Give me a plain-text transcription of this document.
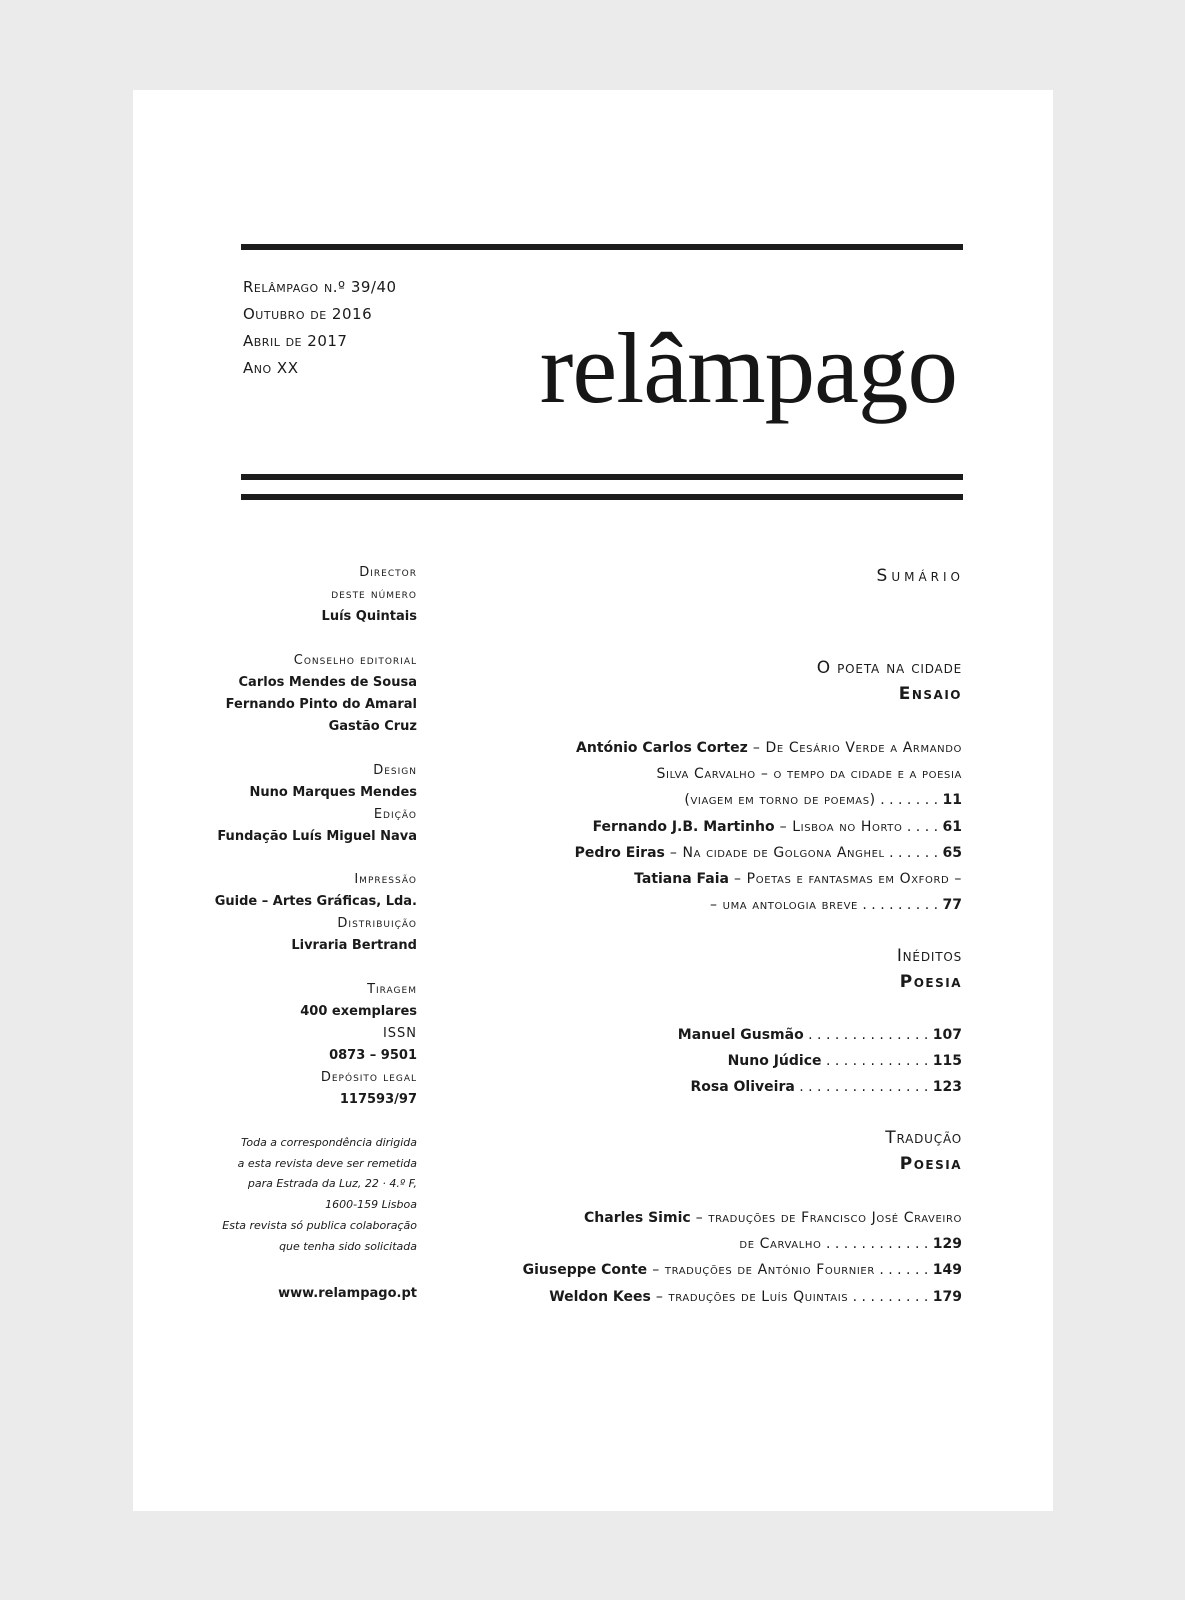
Relâmpago n.º 39/40
Outubro de 2016
Abril de 2017
Ano XX	relâmpago
Director
deste número
Luís Quintais
Conselho editorial
Carlos Mendes de Sousa
Fernando Pinto do Amaral
Gastão Cruz
Design
Nuno Marques Mendes
Edição
Fundação Luís Miguel Nava
Impressão
Guide – Artes Gráficas, Lda.
Distribuição
Livraria Bertrand
Tiragem
400 exemplares
ISSN
0873 – 9501
Depósito legal
117593/97
Toda a correspondência dirigida
a esta revista deve ser remetida
para Estrada da Luz, 22 · 4.º F,
1600-159 Lisboa
Esta revista só publica colaboração
que tenha sido solicitada
www.relampago.pt
Sumário
O poeta na cidade
Ensaio
António Carlos Cortez – De Cesário Verde a Armando
Silva Carvalho – o tempo da cidade e a poesia
(viagem em torno de poemas) . . . . . . . 11
Fernando J.B. Martinho – Lisboa no Horto . . . . 61
Pedro Eiras – Na cidade de Golgona Anghel . . . . . . 65
Tatiana Faia – Poetas e fantasmas em Oxford –
– uma antologia breve . . . . . . . . . 77
Inéditos
Poesia
Manuel Gusmão . . . . . . . . . . . . . . 107
Nuno Júdice . . . . . . . . . . . . 115
Rosa Oliveira . . . . . . . . . . . . . . . 123
Tradução
Poesia
Charles Simic – traduções de Francisco José Craveiro
de Carvalho . . . . . . . . . . . . 129
Giuseppe Conte – traduções de António Fournier . . . . . . 149
Weldon Kees – traduções de Luís Quintais . . . . . . . . . 179
